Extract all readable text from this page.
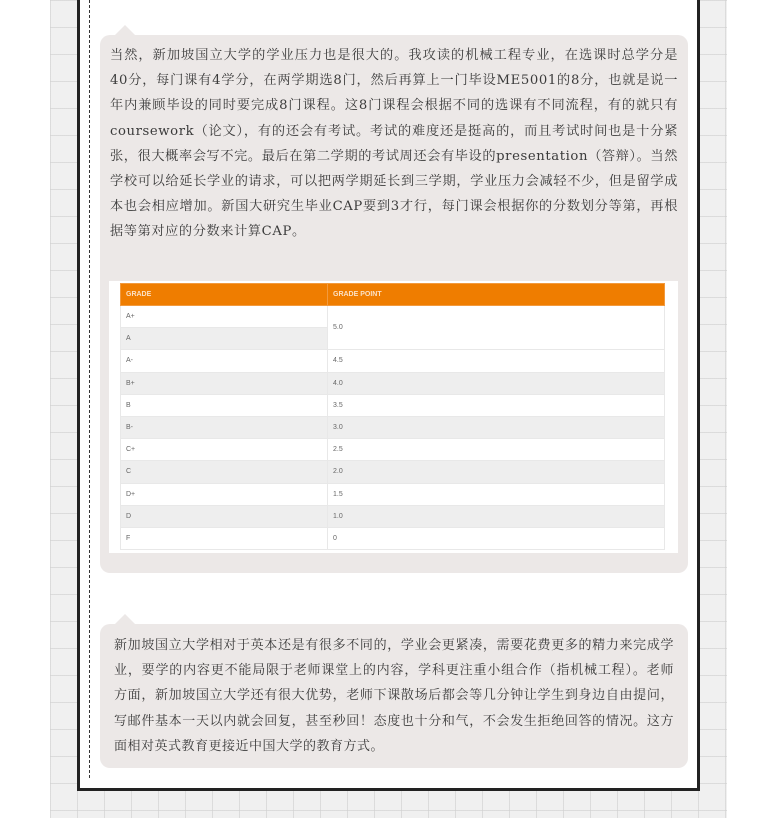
当然，新加坡国立大学的学业压力也是很大的。我攻读的机械工程专业，在选课时总学分是40分，每门课有4学分，在两学期选8门，然后再算上一门毕设ME5001的8分，也就是说一年内兼顾毕设的同时要完成8门课程。这8门课程会根据不同的选课有不同流程，有的就只有coursework（论文），有的还会有考试。考试的难度还是挺高的，而且考试时间也是十分紧张，很大概率会写不完。最后在第二学期的考试周还会有毕设的presentation（答辩）。当然学校可以给延长学业的请求，可以把两学期延长到三学期，学业压力会减轻不少，但是留学成本也会相应增加。新国大研究生毕业CAP要到3才行，每门课会根据你的分数划分等第，再根据等第对应的分数来计算CAP。
GRADE	GRADE POINT
A+	5.0
A	
A-	4.5
B+	4.0
B	3.5
B-	3.0
C+	2.5
C	2.0
D+	1.5
D	1.0
F	0
新加坡国立大学相对于英本还是有很多不同的，学业会更紧凑，需要花费更多的精力来完成学业，要学的内容更不能局限于老师课堂上的内容，学科更注重小组合作（指机械工程）。老师方面，新加坡国立大学还有很大优势，老师下课散场后都会等几分钟让学生到身边自由提问，写邮件基本一天以内就会回复，甚至秒回！态度也十分和气，不会发生拒绝回答的情况。这方面相对英式教育更接近中国大学的教育方式。
